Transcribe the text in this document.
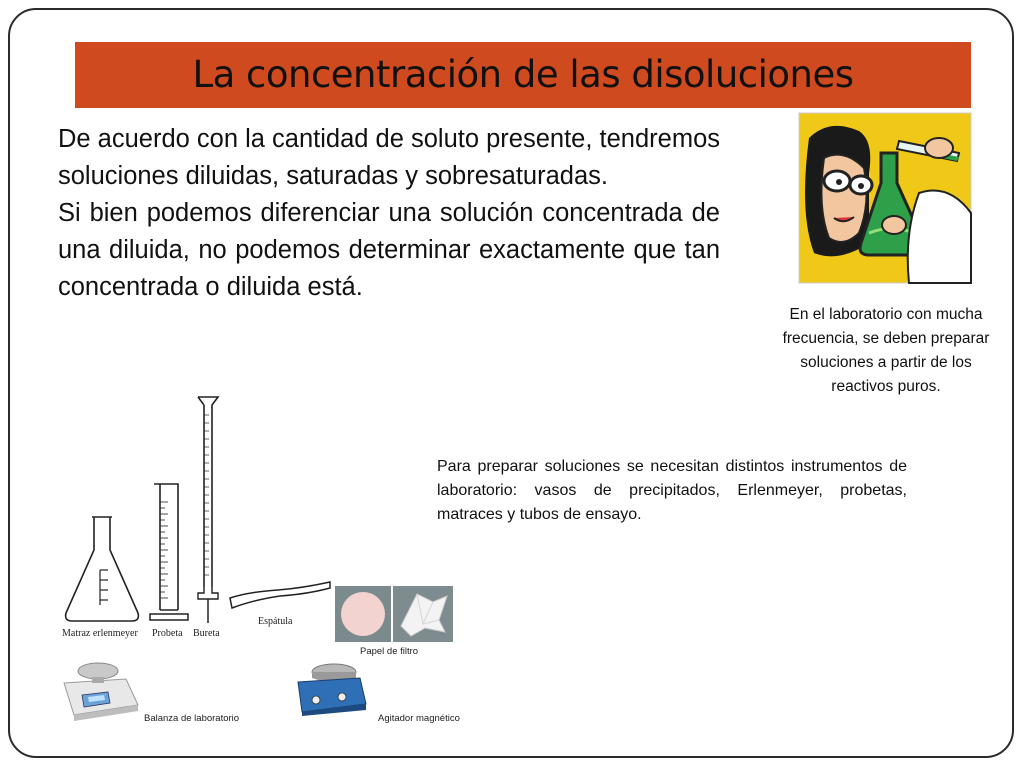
La concentración de las disoluciones

De acuerdo con la cantidad de soluto presente, tendremos soluciones diluidas, saturadas y sobresaturadas.

Si bien podemos diferenciar una solución concentrada de una diluida, no podemos determinar exactamente que tan concentrada o diluida está.

En el laboratorio con mucha frecuencia, se deben preparar soluciones a partir de los reactivos puros.
Para preparar soluciones se necesitan distintos instrumentos de laboratorio: vasos de precipitados, Erlenmeyer, probetas, matraces y tubos de ensayo.
Matraz erlenmeyer Probeta Bureta
Espátula
Papel de filtro
Balanza de laboratorio	Agitador magnético
